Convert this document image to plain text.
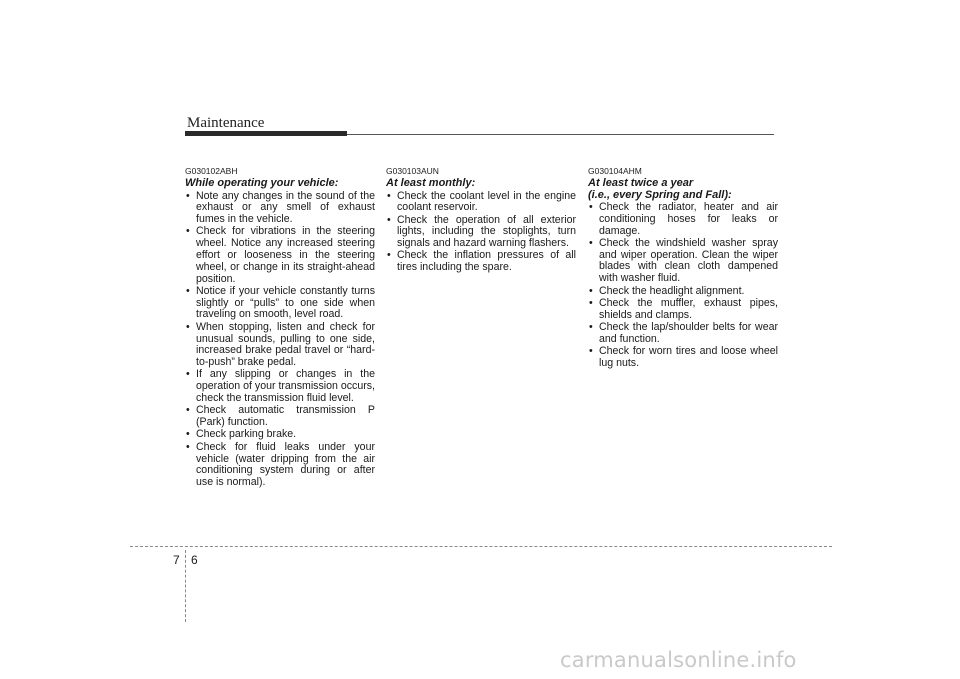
Maintenance
G030102ABH
While operating your vehicle:
• Note any changes in the sound of the exhaust or any smell of exhaust fumes in the vehicle.
• Check for vibrations in the steering wheel. Notice any increased steering effort or looseness in the steering wheel, or change in its straight-ahead position.
• Notice if your vehicle constantly turns slightly or “pulls” to one side when traveling on smooth, level road.
• When stopping, listen and check for unusual sounds, pulling to one side, increased brake pedal travel or “hard-to-push” brake pedal.
• If any slipping or changes in the operation of your transmission occurs, check the transmission fluid level.
• Check automatic transmission P (Park) function.
• Check parking brake.
• Check for fluid leaks under your vehicle (water dripping from the air conditioning system during or after use is normal).
G030103AUN
At least monthly:
• Check the coolant level in the engine coolant reservoir.
• Check the operation of all exterior lights, including the stoplights, turn signals and hazard warning flashers.
• Check the inflation pressures of all tires including the spare.
G030104AHM
At least twice a year
(i.e., every Spring and Fall):
• Check the radiator, heater and air conditioning hoses for leaks or damage.
• Check the windshield washer spray and wiper operation. Clean the wiper blades with clean cloth dampened with washer fluid.
• Check the headlight alignment.
• Check the muffler, exhaust pipes, shields and clamps.
• Check the lap/shoulder belts for wear and function.
• Check for worn tires and loose wheel lug nuts.
7 6
carmanualsonline.info
